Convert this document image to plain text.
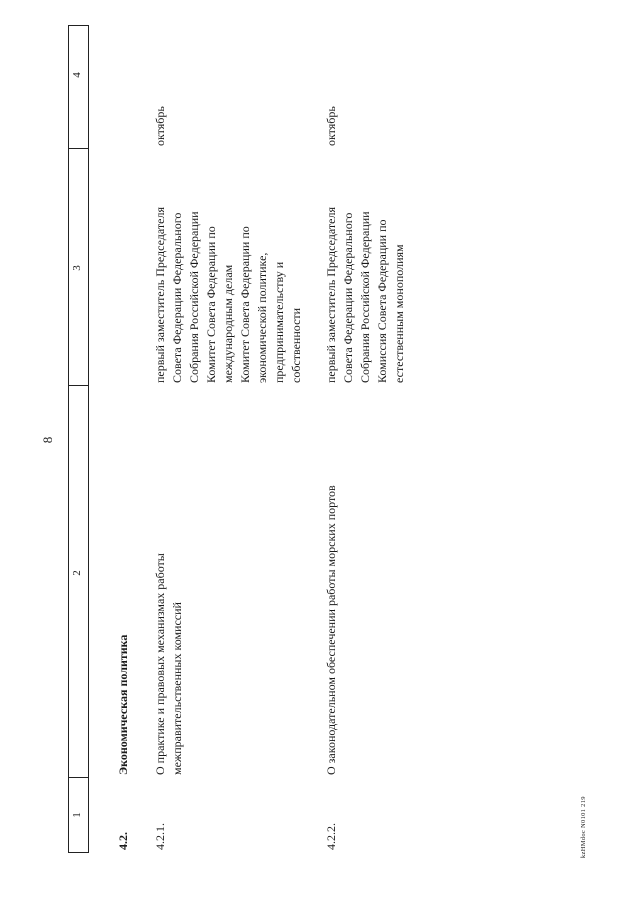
8
1
2
3
4
4.2.
Экономическая политика
4.2.1.
О практике и правовых механизмах работы межправительственных комиссий
первый заместитель Председателя Совета Федерации Федерального Собрания Российской Федерации Комитет Совета Федерации по международным делам Комитет Совета Федерации по экономической политике, предпринимательству и собственности
октябрь
4.2.2.
О законодательном обеспечении работы морских портов
первый заместитель Председателя Совета Федерации Федерального Собрания Российской Федерации Комиссия Совета Федерации по естественным монополиям
октябрь
kzHMdoc N0101 219
